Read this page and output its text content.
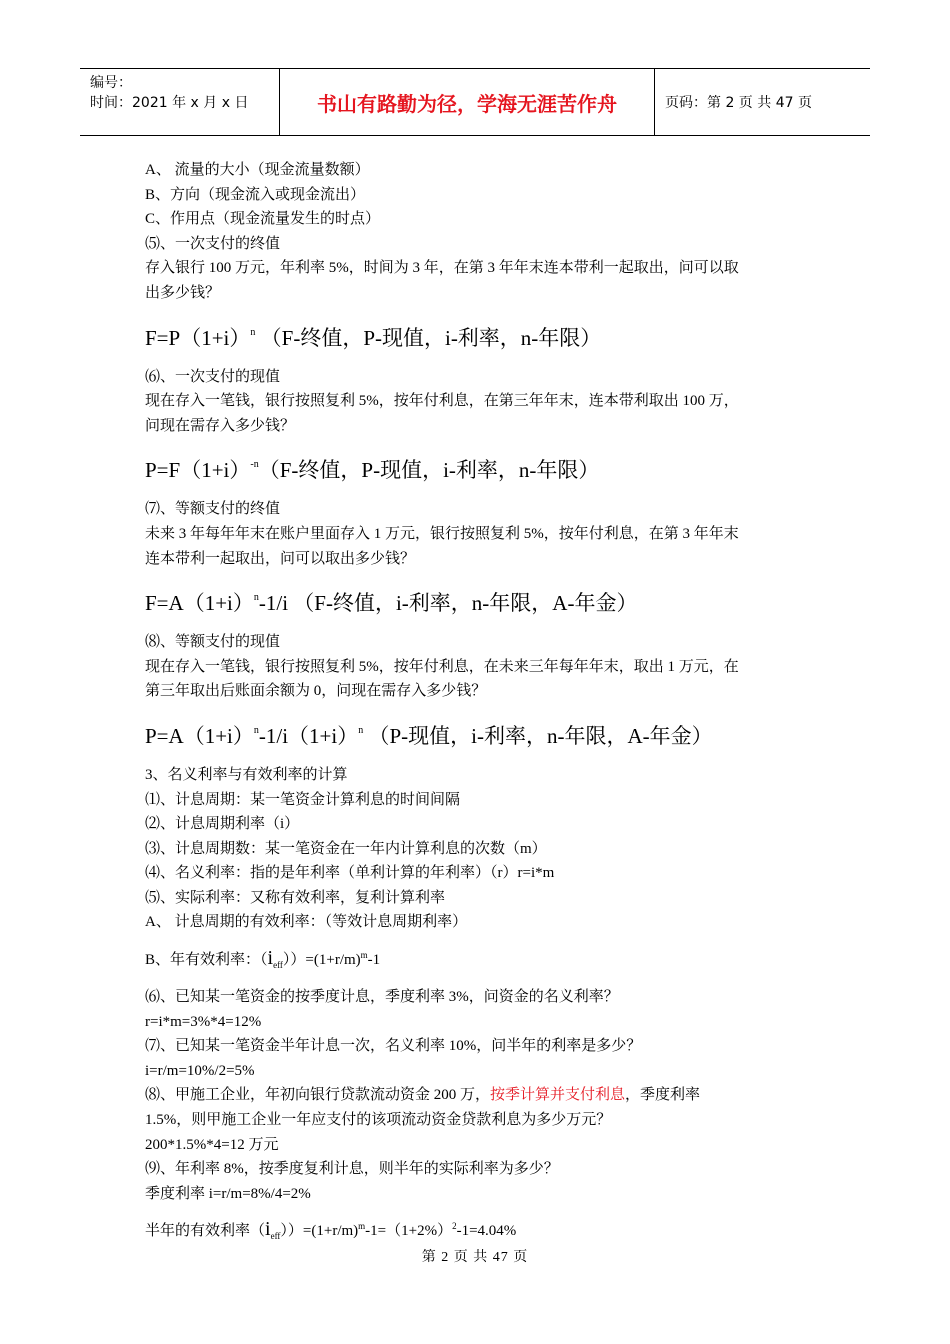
编号：
时间：2021 年 x 月 x 日	书山有路勤为径，学海无涯苦作舟	页码：第 2 页 共 47 页
A、 流量的大小（现金流量数额）
B、方向（现金流入或现金流出）
C、作用点（现金流量发生的时点）
⑸、一次支付的终值
存入银行 100 万元，年利率 5%，时间为 3 年，在第 3 年年末连本带利一起取出，问可以取
出多少钱？
$F=P(1+i)^n$ （F-终值，P-现值，i-利率，n-年限）
⑹、一次支付的现值
现在存入一笔钱，银行按照复利 5%，按年付利息，在第三年年末，连本带利取出 100 万，
问现在需存入多少钱？
$P=F(1+i)^{-n}(F-$终值，P-现值，i-利率，n-年限）
⑺、等额支付的终值
未来 3 年每年年末在账户里面存入 1 万元，银行按照复利 5%，按年付利息，在第 3 年年末
连本带利一起取出，问可以取出多少钱？
$F=A(1+i)^n-1/i$ （F-终值，i-利率，n-年限，A-年金）
⑻、等额支付的现值
现在存入一笔钱，银行按照复利 5%，按年付利息，在未来三年每年年末，取出 1 万元，在
第三年取出后账面余额为 0，问现在需存入多少钱？
$P=A(1+i)^n-1/i(1+i)^n$ （P-现值，i-利率，n-年限，A-年金）
3、名义利率与有效利率的计算
⑴、计息周期：某一笔资金计算利息的时间间隔
⑵、计息周期利率（i）
⑶、计息周期数：某一笔资金在一年内计算利息的次数（m）
⑷、名义利率：指的是年利率（单利计算的年利率）（r）r=i*m
⑸、实际利率：又称有效利率，复利计算利率
A、 计息周期的有效利率：（等效计息周期利率）
B、年有效利率：$(i_{eff}))=(1+r/m)^m-1$
⑹、已知某一笔资金的按季度计息，季度利率 3%，问资金的名义利率？
r=i*m=3%*4=12%
⑺、已知某一笔资金半年计息一次，名义利率 10%，问半年的利率是多少？
i=r/m=10%/2=5%
⑻、甲施工企业，年初向银行贷款流动资金 200 万，按季计算并支付利息，季度利率
1.5%，则甲施工企业一年应支付的该项流动资金贷款利息为多少万元？
200*1.5%*4=12 万元
⑼、年利率 8%，按季度复利计息，则半年的实际利率为多少？
季度利率 i=r/m=8%/4=2%
半年的有效利率$(i_{eff}))=(1+r/m)^m-1=(1+2\%)^2-1=4.04\%$
第 2 页 共 47 页
